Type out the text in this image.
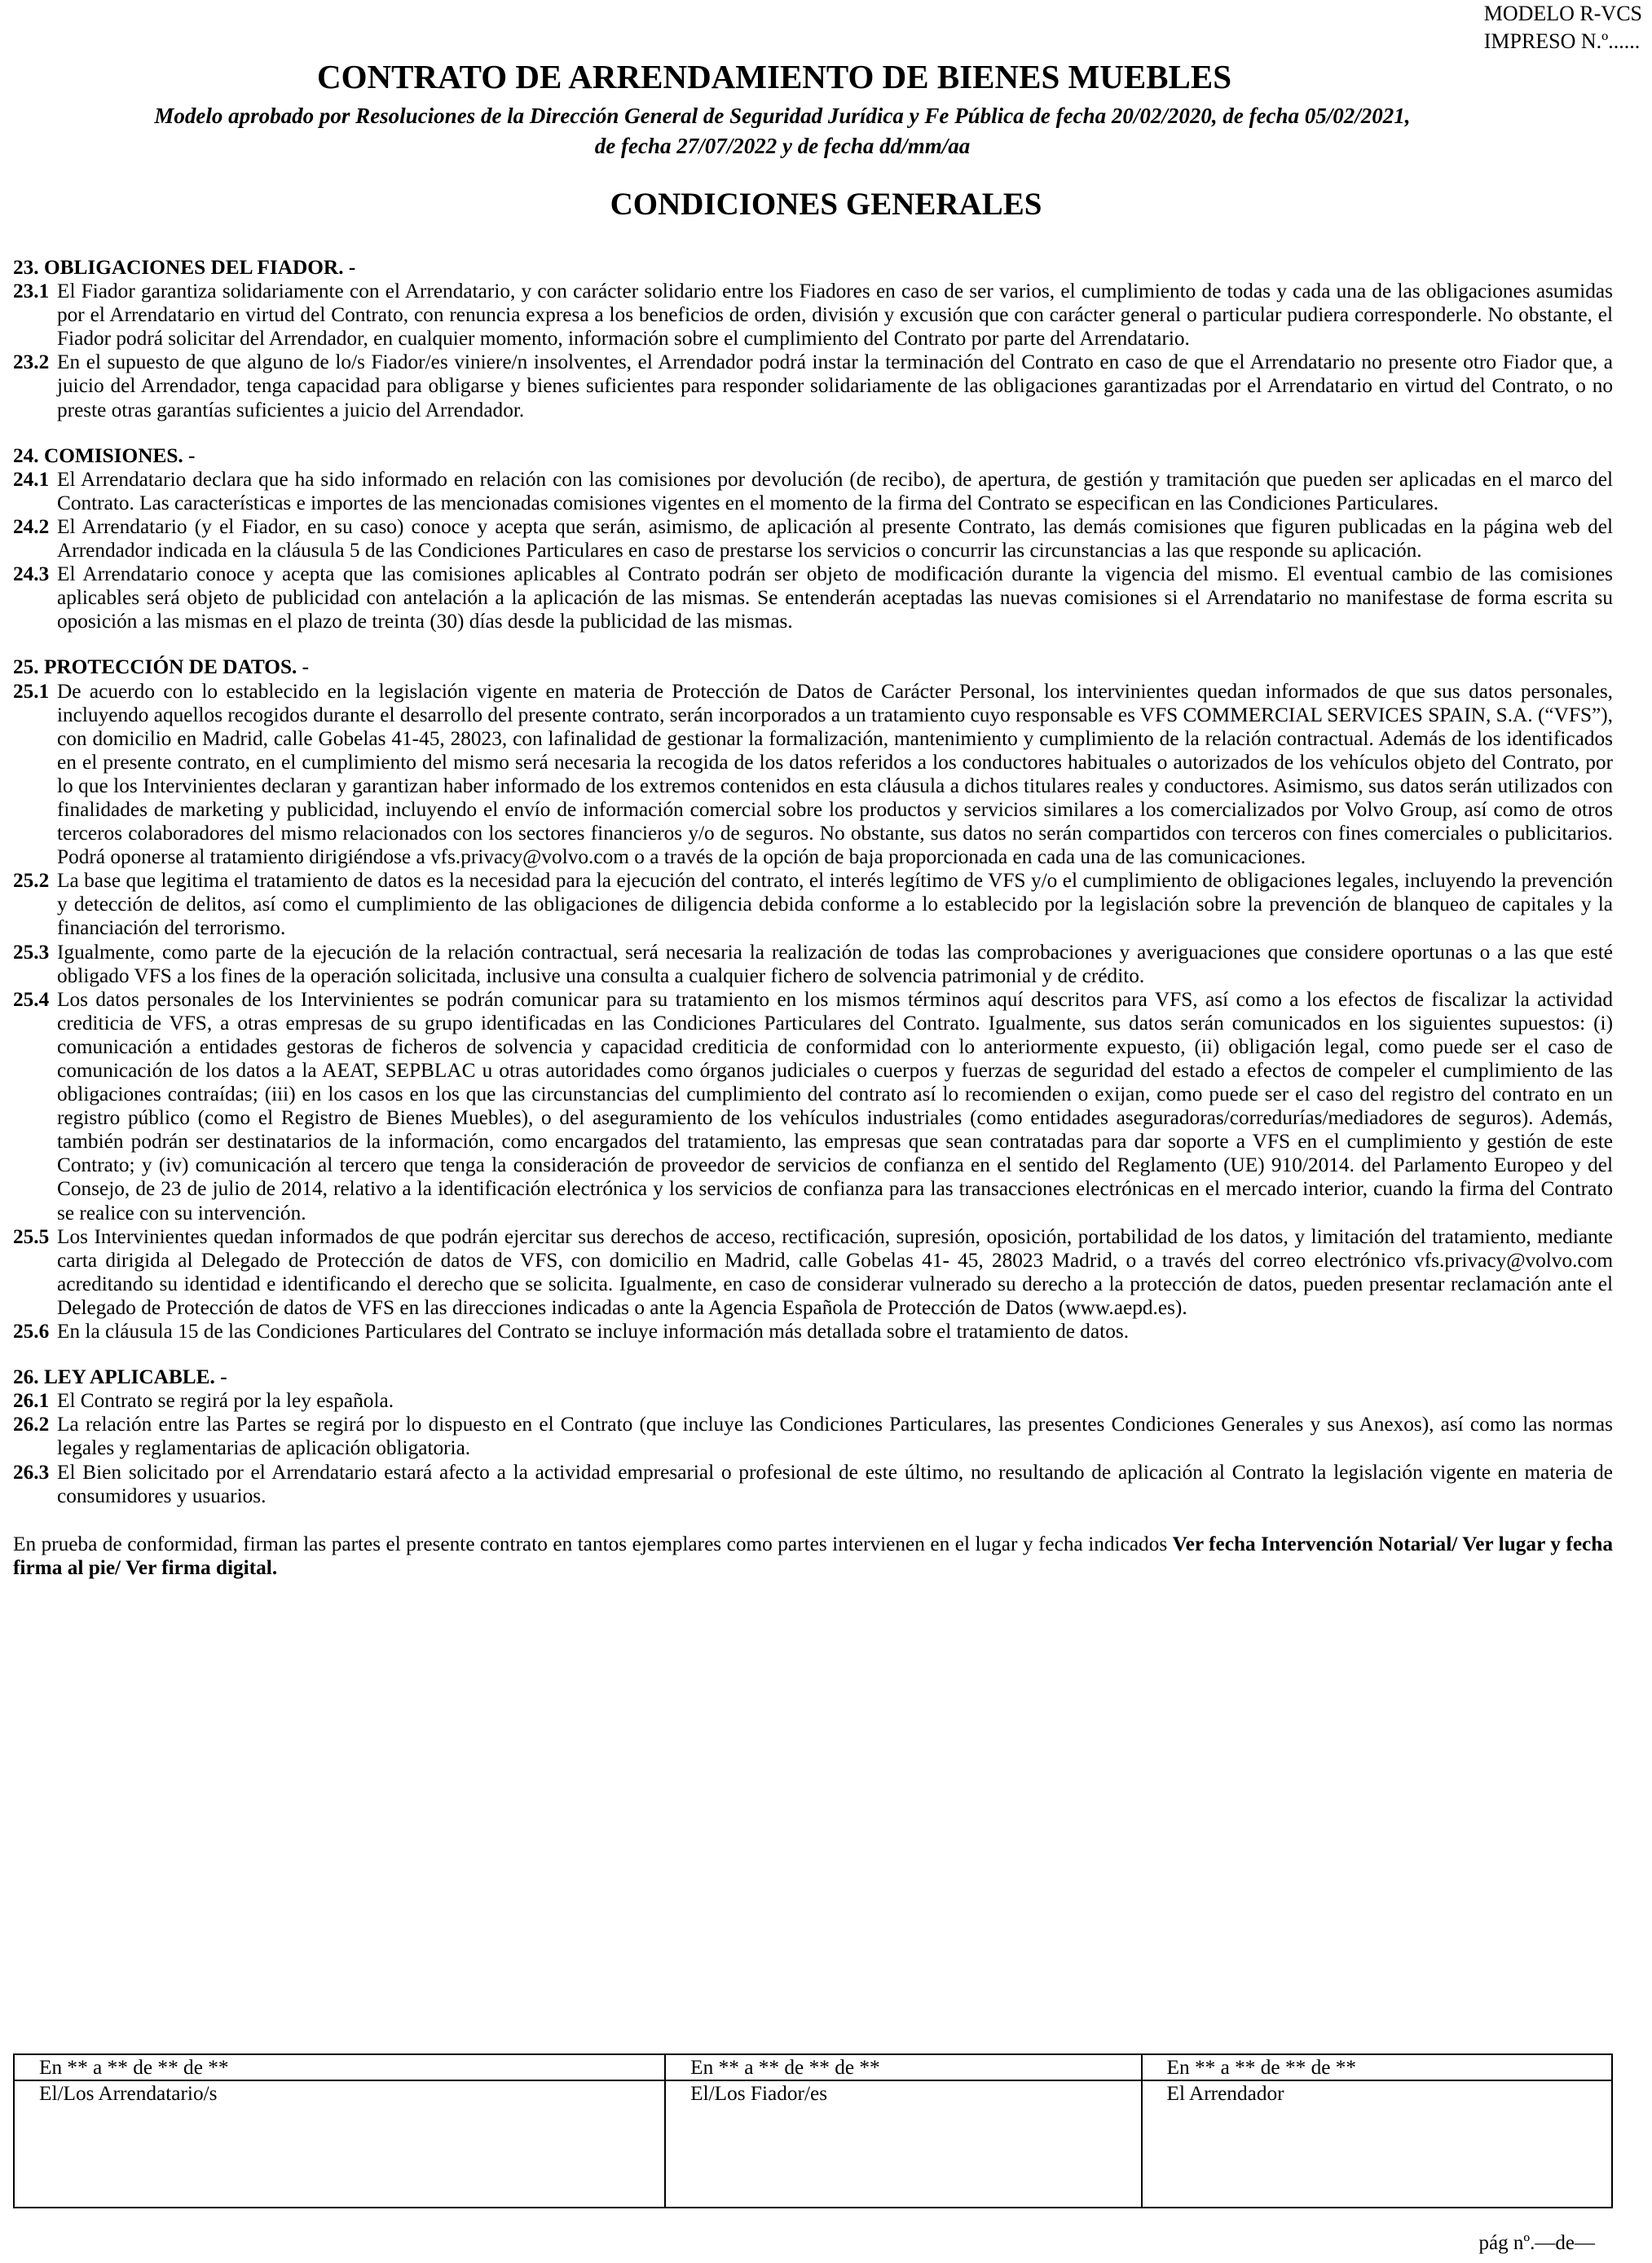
MODELO R-VCS
IMPRESO N.º......
CONTRATO DE ARRENDAMIENTO DE BIENES MUEBLES
Modelo aprobado por Resoluciones de la Dirección General de Seguridad Jurídica y Fe Pública de fecha 20/02/2020, de fecha 05/02/2021,
de fecha 27/07/2022 y de fecha dd/mm/aa
CONDICIONES GENERALES
23. OBLIGACIONES DEL FIADOR. -
23.1 El Fiador garantiza solidariamente con el Arrendatario, y con carácter solidario entre los Fiadores en caso de ser varios, el cumplimiento de todas y cada una de las obligaciones asumidas por el Arrendatario en virtud del Contrato, con renuncia expresa a los beneficios de orden, división y excusión que con carácter general o particular pudiera corresponderle. No obstante, el Fiador podrá solicitar del Arrendador, en cualquier momento, información sobre el cumplimiento del Contrato por parte del Arrendatario.
23.2 En el supuesto de que alguno de lo/s Fiador/es viniere/n insolventes, el Arrendador podrá instar la terminación del Contrato en caso de que el Arrendatario no presente otro Fiador que, a juicio del Arrendador, tenga capacidad para obligarse y bienes suficientes para responder solidariamente de las obligaciones garantizadas por el Arrendatario en virtud del Contrato, o no preste otras garantías suficientes a juicio del Arrendador.
24. COMISIONES. -
24.1 El Arrendatario declara que ha sido informado en relación con las comisiones por devolución (de recibo), de apertura, de gestión y tramitación que pueden ser aplicadas en el marco del Contrato. Las características e importes de las mencionadas comisiones vigentes en el momento de la firma del Contrato se especifican en las Condiciones Particulares.
24.2 El Arrendatario (y el Fiador, en su caso) conoce y acepta que serán, asimismo, de aplicación al presente Contrato, las demás comisiones que figuren publicadas en la página web del Arrendador indicada en la cláusula 5 de las Condiciones Particulares en caso de prestarse los servicios o concurrir las circunstancias a las que responde su aplicación.
24.3 El Arrendatario conoce y acepta que las comisiones aplicables al Contrato podrán ser objeto de modificación durante la vigencia del mismo. El eventual cambio de las comisiones aplicables será objeto de publicidad con antelación a la aplicación de las mismas. Se entenderán aceptadas las nuevas comisiones si el Arrendatario no manifestase de forma escrita su oposición a las mismas en el plazo de treinta (30) días desde la publicidad de las mismas.
25. PROTECCIÓN DE DATOS. -
25.1 De acuerdo con lo establecido en la legislación vigente en materia de Protección de Datos de Carácter Personal, los intervinientes quedan informados de que sus datos personales, incluyendo aquellos recogidos durante el desarrollo del presente contrato, serán incorporados a un tratamiento cuyo responsable es VFS COMMERCIAL SERVICES SPAIN, S.A. (“VFS”), con domicilio en Madrid, calle Gobelas 41-45, 28023, con lafinalidad de gestionar la formalización, mantenimiento y cumplimiento de la relación contractual. Además de los identificados en el presente contrato, en el cumplimiento del mismo será necesaria la recogida de los datos referidos a los conductores habituales o autorizados de los vehículos objeto del Contrato, por lo que los Intervinientes declaran y garantizan haber informado de los extremos contenidos en esta cláusula a dichos titulares reales y conductores. Asimismo, sus datos serán utilizados con finalidades de marketing y publicidad, incluyendo el envío de información comercial sobre los productos y servicios similares a los comercializados por Volvo Group, así como de otros terceros colaboradores del mismo relacionados con los sectores financieros y/o de seguros. No obstante, sus datos no serán compartidos con terceros con fines comerciales o publicitarios. Podrá oponerse al tratamiento dirigiéndose a vfs.privacy@volvo.com o a través de la opción de baja proporcionada en cada una de las comunicaciones.
25.2 La base que legitima el tratamiento de datos es la necesidad para la ejecución del contrato, el interés legítimo de VFS y/o el cumplimiento de obligaciones legales, incluyendo la prevención y detección de delitos, así como el cumplimiento de las obligaciones de diligencia debida conforme a lo establecido por la legislación sobre la prevención de blanqueo de capitales y la financiación del terrorismo.
25.3 Igualmente, como parte de la ejecución de la relación contractual, será necesaria la realización de todas las comprobaciones y averiguaciones que considere oportunas o a las que esté obligado VFS a los fines de la operación solicitada, inclusive una consulta a cualquier fichero de solvencia patrimonial y de crédito.
25.4 Los datos personales de los Intervinientes se podrán comunicar para su tratamiento en los mismos términos aquí descritos para VFS, así como a los efectos de fiscalizar la actividad crediticia de VFS, a otras empresas de su grupo identificadas en las Condiciones Particulares del Contrato. Igualmente, sus datos serán comunicados en los siguientes supuestos: (i) comunicación a entidades gestoras de ficheros de solvencia y capacidad crediticia de conformidad con lo anteriormente expuesto, (ii) obligación legal, como puede ser el caso de comunicación de los datos a la AEAT, SEPBLAC u otras autoridades como órganos judiciales o cuerpos y fuerzas de seguridad del estado a efectos de compeler el cumplimiento de las obligaciones contraídas; (iii) en los casos en los que las circunstancias del cumplimiento del contrato así lo recomienden o exijan, como puede ser el caso del registro del contrato en un registro público (como el Registro de Bienes Muebles), o del aseguramiento de los vehículos industriales (como entidades aseguradoras/corredurías/mediadores de seguros). Además, también podrán ser destinatarios de la información, como encargados del tratamiento, las empresas que sean contratadas para dar soporte a VFS en el cumplimiento y gestión de este Contrato; y (iv) comunicación al tercero que tenga la consideración de proveedor de servicios de confianza en el sentido del Reglamento (UE) 910/2014. del Parlamento Europeo y del Consejo, de 23 de julio de 2014, relativo a la identificación electrónica y los servicios de confianza para las transacciones electrónicas en el mercado interior, cuando la firma del Contrato se realice con su intervención.
25.5 Los Intervinientes quedan informados de que podrán ejercitar sus derechos de acceso, rectificación, supresión, oposición, portabilidad de los datos, y limitación del tratamiento, mediante carta dirigida al Delegado de Protección de datos de VFS, con domicilio en Madrid, calle Gobelas 41- 45, 28023 Madrid, o a través del correo electrónico vfs.privacy@volvo.com acreditando su identidad e identificando el derecho que se solicita. Igualmente, en caso de considerar vulnerado su derecho a la protección de datos, pueden presentar reclamación ante el Delegado de Protección de datos de VFS en las direcciones indicadas o ante la Agencia Española de Protección de Datos (www.aepd.es).
25.6 En la cláusula 15 de las Condiciones Particulares del Contrato se incluye información más detallada sobre el tratamiento de datos.
26. LEY APLICABLE. -
26.1 El Contrato se regirá por la ley española.
26.2 La relación entre las Partes se regirá por lo dispuesto en el Contrato (que incluye las Condiciones Particulares, las presentes Condiciones Generales y sus Anexos), así como las normas legales y reglamentarias de aplicación obligatoria.
26.3 El Bien solicitado por el Arrendatario estará afecto a la actividad empresarial o profesional de este último, no resultando de aplicación al Contrato la legislación vigente en materia de consumidores y usuarios.
En prueba de conformidad, firman las partes el presente contrato en tantos ejemplares como partes intervienen en el lugar y fecha indicados Ver fecha Intervención Notarial/ Ver lugar y fecha firma al pie/ Ver firma digital.
En ** a ** de ** de **	En ** a ** de ** de **	En ** a ** de ** de **
El/Los Arrendatario/s	El/Los Fiador/es	El Arrendador
pág nº.—de—
